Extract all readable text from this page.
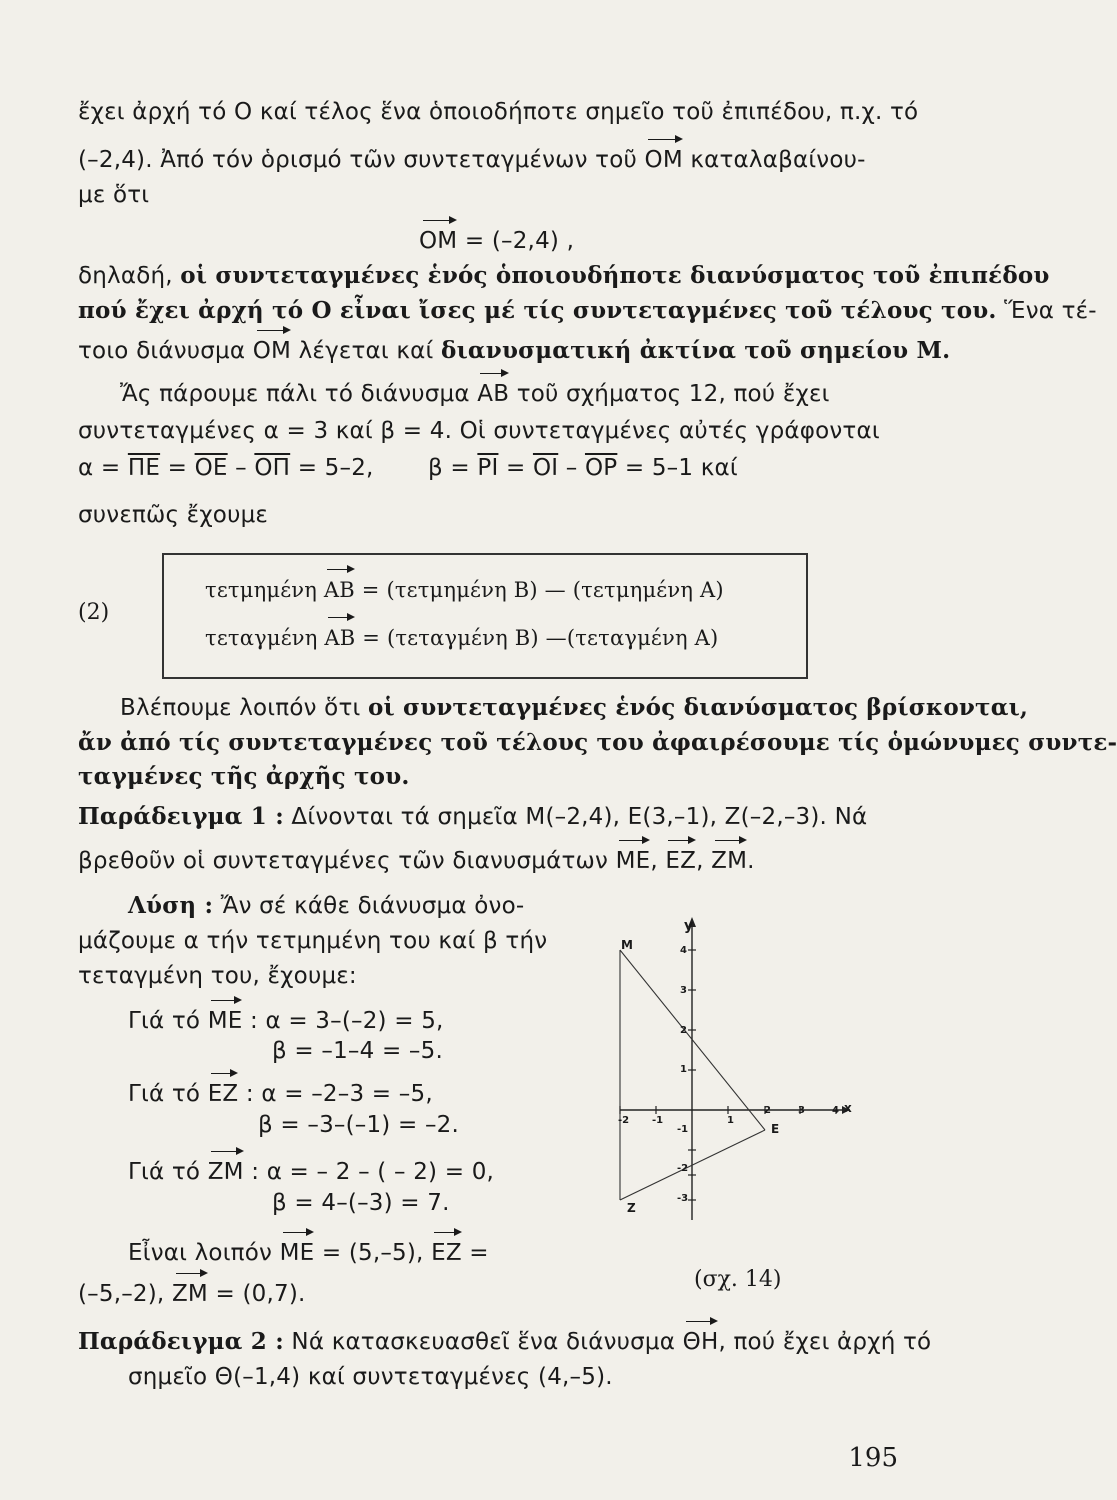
ἔχει ἀρχή τό Ο καί τέλος ἕνα ὁποιοδήποτε σημεῖο τοῦ ἐπιπέδου, π.χ. τό
(–2,4). Ἀπό τόν ὁρισμό τῶν συντεταγμένων τοῦ ΟΜ καταλαβαίνου-
με ὅτι
ΟΜ = (–2,4) ,
δηλαδή, οἱ συντεταγμένες ἑνός ὁποιουδήποτε διανύσματος τοῦ ἐπιπέδου
πού ἔχει ἀρχή τό Ο εἶναι ἴσες μέ τίς συντεταγμένες τοῦ τέλους του. Ἕνα τέ-
τοιο διάνυσμα ΟΜ λέγεται καί διανυσματική ἀκτίνα τοῦ σημείου Μ.
Ἄς πάρουμε πάλι τό διάνυσμα ΑΒ τοῦ σχήματος 12, πού ἔχει
συντεταγμένες α = 3 καί β = 4. Οἱ συντεταγμένες αὐτές γράφονται
$\alpha = \overline{\Pi E} = \overline{OE} - \overline{O\Pi} = 5-2$, $\beta = \overline{PI} = \overline{OI} - \overline{OP} = 5-1$ καί
συνεπῶς ἔχουμε
(2)
τετμημένη ΑΒ = (τετμημένη Β) — (τετμημένη Α)
τεταγμένη ΑΒ = (τεταγμένη Β) —(τεταγμένη Α)
Βλέπουμε λοιπόν ὅτι οἱ συντεταγμένες ἑνός διανύσματος βρίσκονται,
ἄν ἀπό τίς συντεταγμένες τοῦ τέλους του ἀφαιρέσουμε τίς ὁμώνυμες συντε-
ταγμένες τῆς ἀρχῆς του.
Παράδειγμα 1 : Δίνονται τά σημεῖα Μ(–2,4), Ε(3,–1), Ζ(–2,–3). Νά
βρεθοῦν οἱ συντεταγμένες τῶν διανυσμάτων ΜΕ, ΕΖ, ΖΜ.
Λύση : Ἄν σέ κάθε διάνυσμα ὀνο-
μάζουμε α τήν τετμημένη του καί β τήν
τεταγμένη του, ἔχουμε:
Γιά τό ΜΕ : α = 3–(–2) = 5,
β = –1–4 = –5.
Γιά τό ΕΖ : α = –2–3 = –5,
β = –3–(–1) = –2.
Γιά τό ΖΜ : α = – 2 – ( – 2) = 0,
β = 4–(–3) = 7.
Εἶναι λοιπόν ΜΕ = (5,–5), ΕΖ =
(–5,–2), ΖΜ = (0,7).
y
x
Μ
Ε
Ζ
-2 -1	1
2	3	4
4
3
2
1
-1
-2
-3
(σχ. 14)
Παράδειγμα 2 : Νά κατασκευασθεῖ ἕνα διάνυσμα ΘΗ, πού ἔχει ἀρχή τό
σημεῖο Θ(–1,4) καί συντεταγμένες (4,–5).
195
